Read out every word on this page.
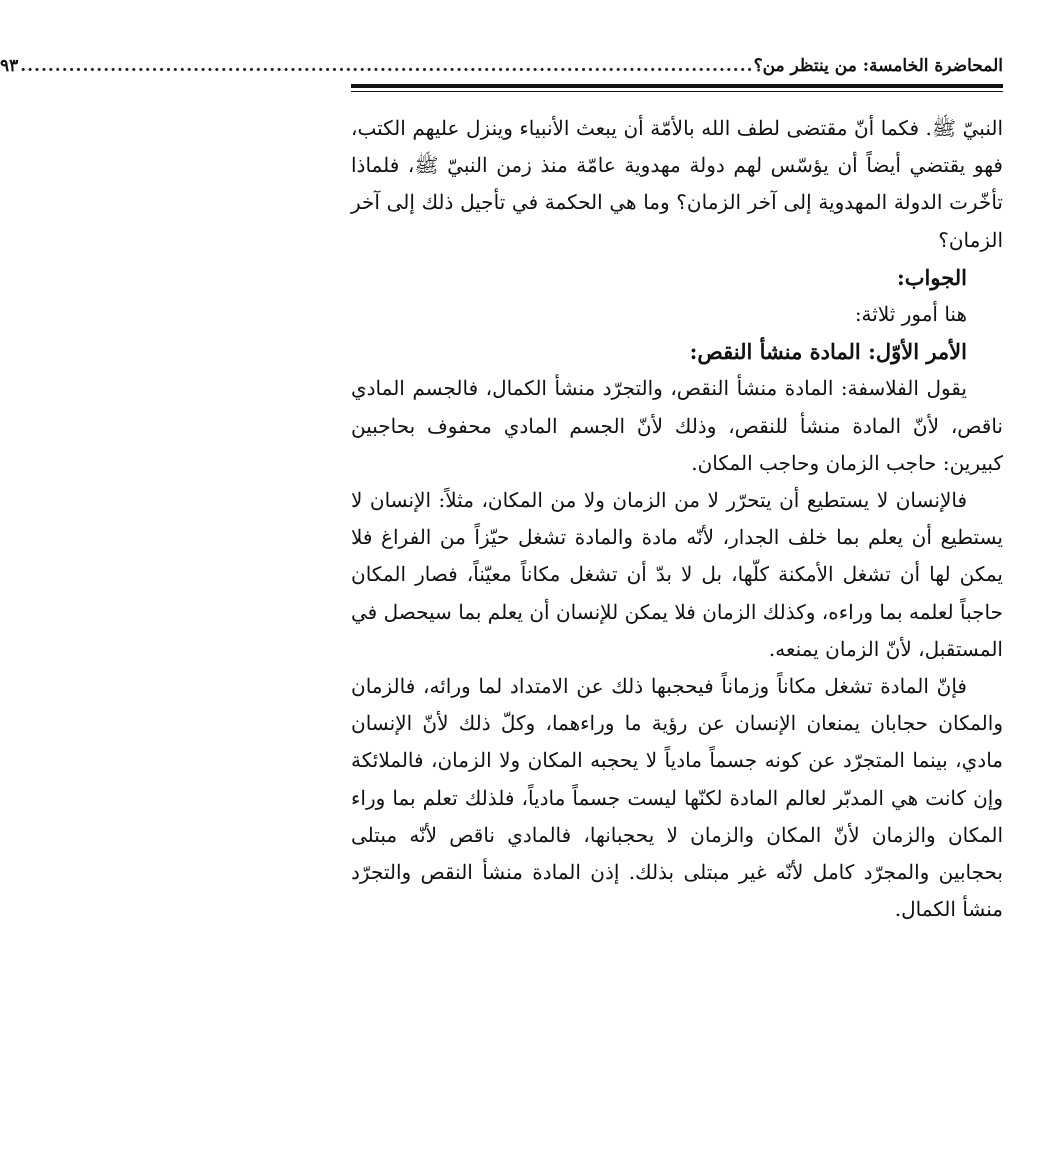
المحاضرة الخامسة: من ينتظر من؟
..........................................................................................................
٩٣

النبيّ ﷺ. فكما أنّ مقتضى لطف الله بالأمّة أن يبعث الأنبياء وينزل عليهم الكتب، فهو يقتضي أيضاً أن يؤسّس لهم دولة مهدوية عامّة منذ زمن النبيّ ﷺ، فلماذا تأخّرت الدولة المهدوية إلى آخر الزمان؟ وما هي الحكمة في تأجيل ذلك إلى آخر الزمان؟

الجواب:

هنا أمور ثلاثة:

الأمر الأوّل: المادة منشأ النقص:

يقول الفلاسفة: المادة منشأ النقص، والتجرّد منشأ الكمال، فالجسم المادي ناقص، لأنّ المادة منشأ للنقص، وذلك لأنّ الجسم المادي محفوف بحاجبين كبيرين: حاجب الزمان وحاجب المكان.

فالإنسان لا يستطيع أن يتحرّر لا من الزمان ولا من المكان، مثلاً: الإنسان لا يستطيع أن يعلم بما خلف الجدار، لأنّه مادة والمادة تشغل حيّزاً من الفراغ فلا يمكن لها أن تشغل الأمكنة كلّها، بل لا بدّ أن تشغل مكاناً معيّناً، فصار المكان حاجباً لعلمه بما وراءه، وكذلك الزمان فلا يمكن للإنسان أن يعلم بما سيحصل في المستقبل، لأنّ الزمان يمنعه.

فإنّ المادة تشغل مكاناً وزماناً فيحجبها ذلك عن الامتداد لما ورائه، فالزمان والمكان حجابان يمنعان الإنسان عن رؤية ما وراءهما، وكلّ ذلك لأنّ الإنسان مادي، بينما المتجرّد عن كونه جسماً مادياً لا يحجبه المكان ولا الزمان، فالملائكة وإن كانت هي المدبّر لعالم المادة لكنّها ليست جسماً مادياً، فلذلك تعلم بما وراء المكان والزمان لأنّ المكان والزمان لا يحجبانها، فالمادي ناقص لأنّه مبتلى بحجابين والمجرّد كامل لأنّه غير مبتلى بذلك. إذن المادة منشأ النقص والتجرّد منشأ الكمال.
